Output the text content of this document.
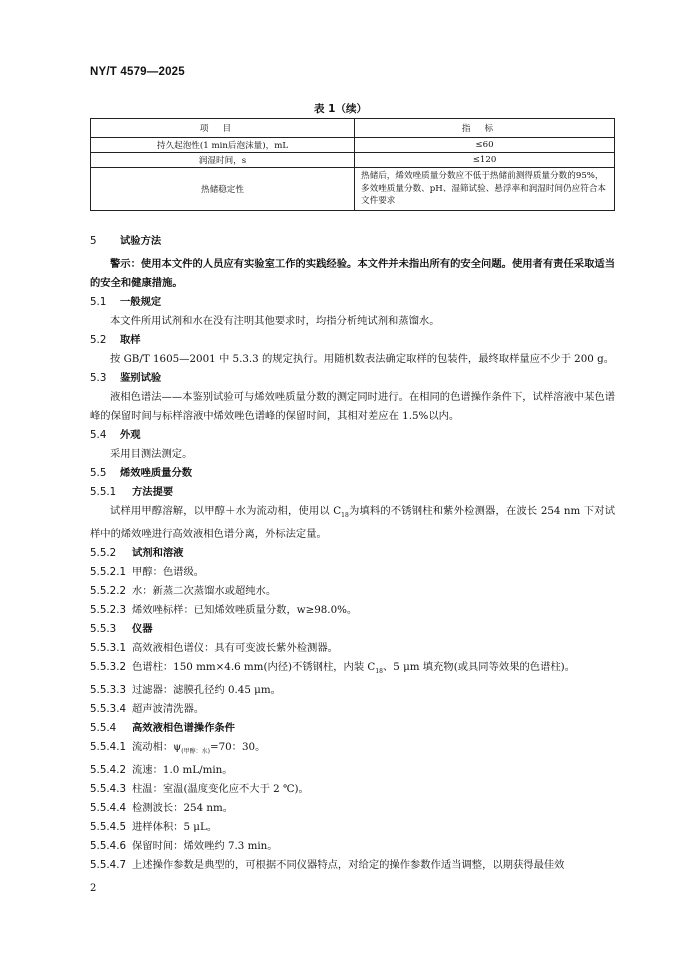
NY/T 4579—2025
表 1（续）
项目	指标
持久起泡性(1 min后泡沫量)，mL	≤60
润湿时间，s	≤120
热储稳定性	热储后，烯效唑质量分数应不低于热储前测得质量分数的95%，多效唑质量分数、pH、湿筛试验、悬浮率和润湿时间仍应符合本文件要求
5 试验方法
警示：使用本文件的人员应有实验室工作的实践经验。本文件并未指出所有的安全问题。使用者有责任采取适当的安全和健康措施。
5.1 一般规定
本文件所用试剂和水在没有注明其他要求时，均指分析纯试剂和蒸馏水。
5.2 取样
按 GB/T 1605—2001 中 5.3.3 的规定执行。用随机数表法确定取样的包装件，最终取样量应不少于 200 g。
5.3 鉴别试验
液相色谱法——本鉴别试验可与烯效唑质量分数的测定同时进行。在相同的色谱操作条件下，试样溶液中某色谱峰的保留时间与标样溶液中烯效唑色谱峰的保留时间，其相对差应在 1.5%以内。
5.4 外观
采用目测法测定。
5.5 烯效唑质量分数
5.5.1 方法提要
试样用甲醇溶解，以甲醇＋水为流动相，使用以 $C_{18}$为填料的不锈钢柱和紫外检测器，在波长 254 nm 下对试样中的烯效唑进行高效液相色谱分离，外标法定量。
5.5.2 试剂和溶液
5.5.2.1 甲醇：色谱级。
5.5.2.2 水：新蒸二次蒸馏水或超纯水。
5.5.2.3 烯效唑标样：已知烯效唑质量分数，w≥98.0%。
5.5.3 仪器
5.5.3.1 高效液相色谱仪：具有可变波长紫外检测器。
5.5.3.2 色谱柱：150 mm×4.6 mm(内径)不锈钢柱，内装 $C_{18}$、5 μm 填充物(或具同等效果的色谱柱)。
5.5.3.3 过滤器：滤膜孔径约 0.45 μm。
5.5.3.4 超声波清洗器。
5.5.4 高效液相色谱操作条件
5.5.4.1 流动相：$\psi_{(甲醇:水)}=70$：30。
5.5.4.2 流速：1.0 mL/min。
5.5.4.3 柱温：室温(温度变化应不大于 2 ℃)。
5.5.4.4 检测波长：254 nm。
5.5.4.5 进样体积：5 μL。
5.5.4.6 保留时间：烯效唑约 7.3 min。
5.5.4.7 上述操作参数是典型的，可根据不同仪器特点，对给定的操作参数作适当调整，以期获得最佳效
2
